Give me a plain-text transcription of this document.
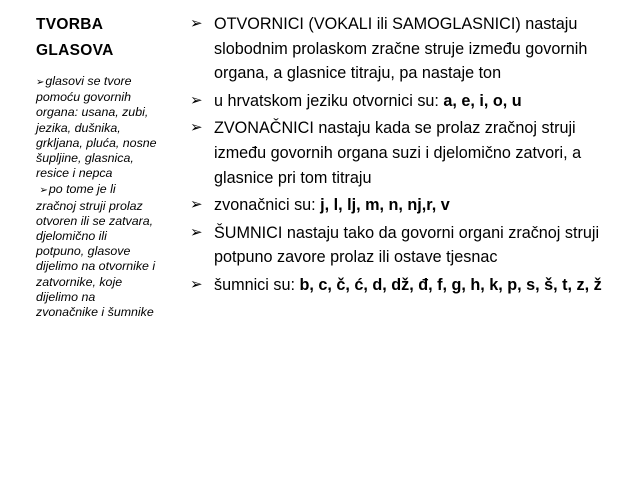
TVORBA
GLASOVA
➢glasovi se tvore pomoću govornih organa: usana, zubi, jezika, dušnika, grkljana, pluća, nosne šupljine, glasnica, resice i nepca
➢po tome je li zračnoj struji prolaz otvoren ili se zatvara, djelomično ili potpuno, glasove dijelimo na otvornike i zatvornike, koje dijelimo na zvonačnike i šumnike
➢ OTVORNICI (VOKALI ili SAMOGLASNICI) nastaju slobodnim prolaskom zračne struje između govornih organa, a glasnice titraju, pa nastaje ton
➢ u hrvatskom jeziku otvornici su: a, e, i, o, u
➢ ZVONAČNICI nastaju kada se prolaz zračnoj struji između govornih organa suzi i djelomično zatvori, a glasnice pri tom titraju
➢ zvonačnici su: j, l, lj, m, n, nj,r, v
➢ ŠUMNICI nastaju tako da govorni organi zračnoj struji potpuno zavore prolaz ili ostave tjesnac
➢ šumnici su: b, c, č, ć, d, dž, đ, f, g, h, k, p, s, š, t, z, ž
